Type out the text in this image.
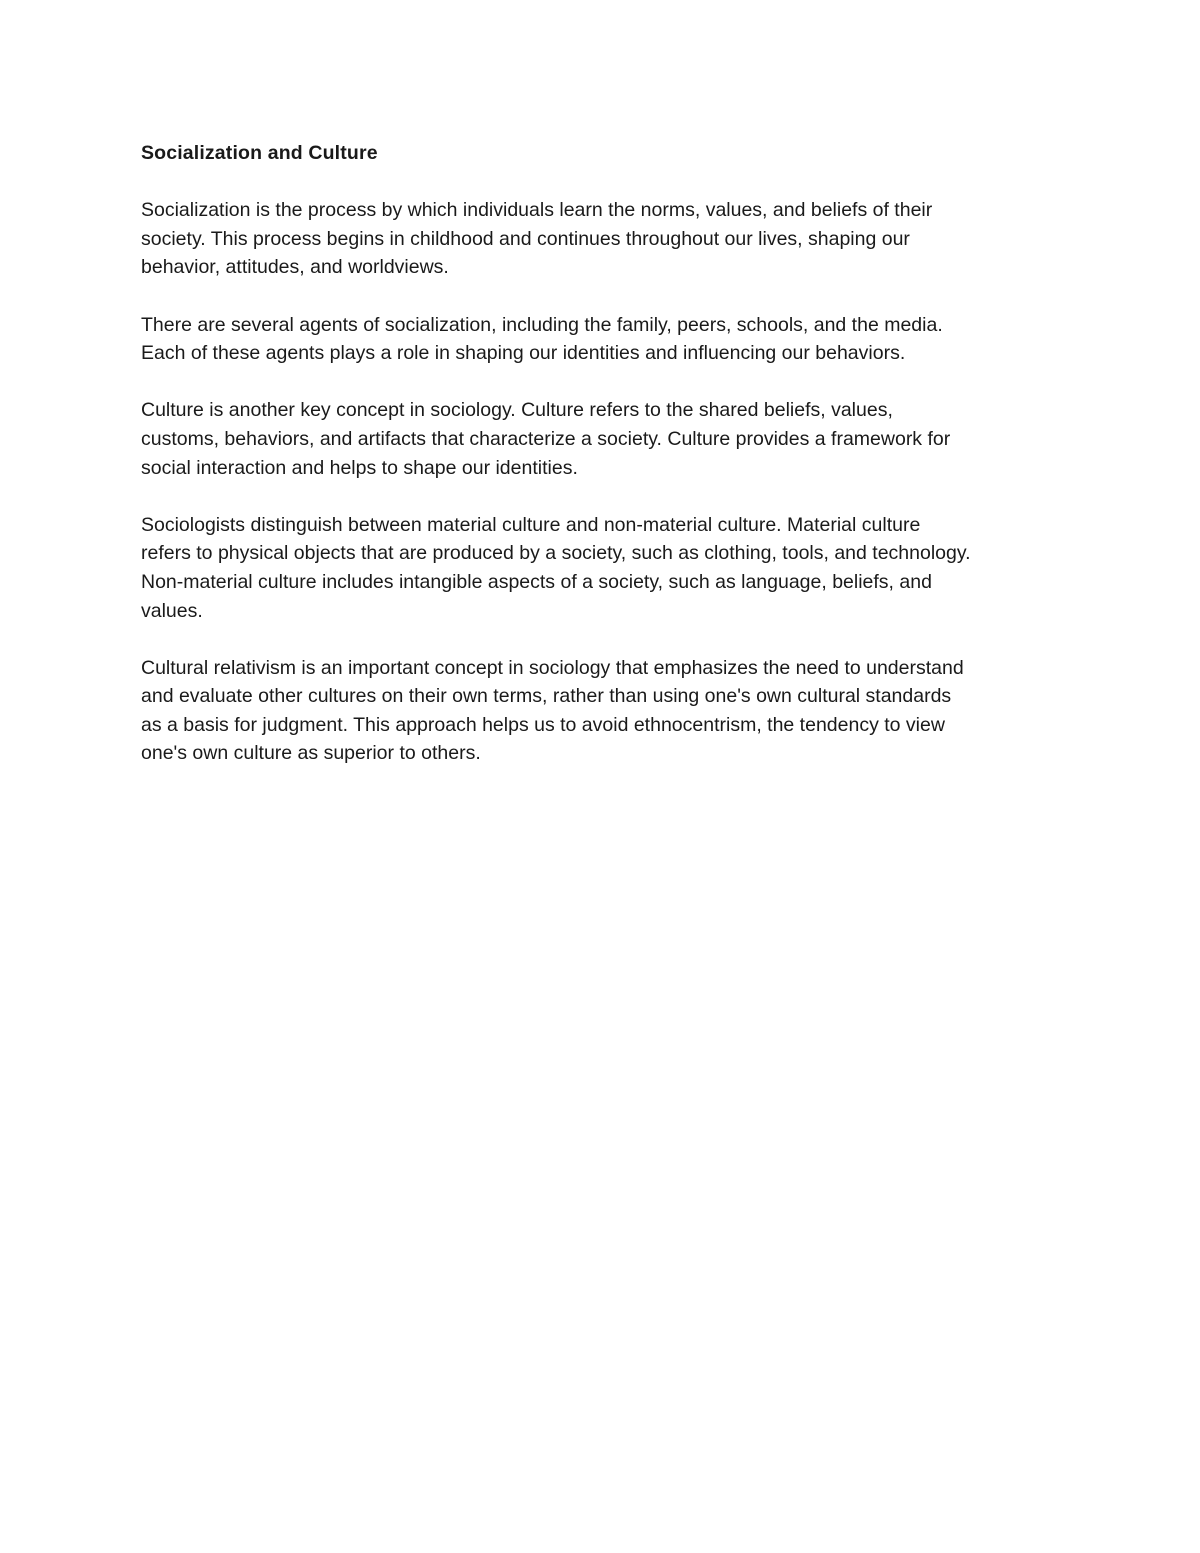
Socialization and Culture

Socialization is the process by which individuals learn the norms, values, and beliefs of their
society. This process begins in childhood and continues throughout our lives, shaping our
behavior, attitudes, and worldviews.

There are several agents of socialization, including the family, peers, schools, and the media.
Each of these agents plays a role in shaping our identities and influencing our behaviors.

Culture is another key concept in sociology. Culture refers to the shared beliefs, values,
customs, behaviors, and artifacts that characterize a society. Culture provides a framework for
social interaction and helps to shape our identities.

Sociologists distinguish between material culture and non-material culture. Material culture
refers to physical objects that are produced by a society, such as clothing, tools, and technology.
Non-material culture includes intangible aspects of a society, such as language, beliefs, and
values.

Cultural relativism is an important concept in sociology that emphasizes the need to understand
and evaluate other cultures on their own terms, rather than using one's own cultural standards
as a basis for judgment. This approach helps us to avoid ethnocentrism, the tendency to view
one's own culture as superior to others.
